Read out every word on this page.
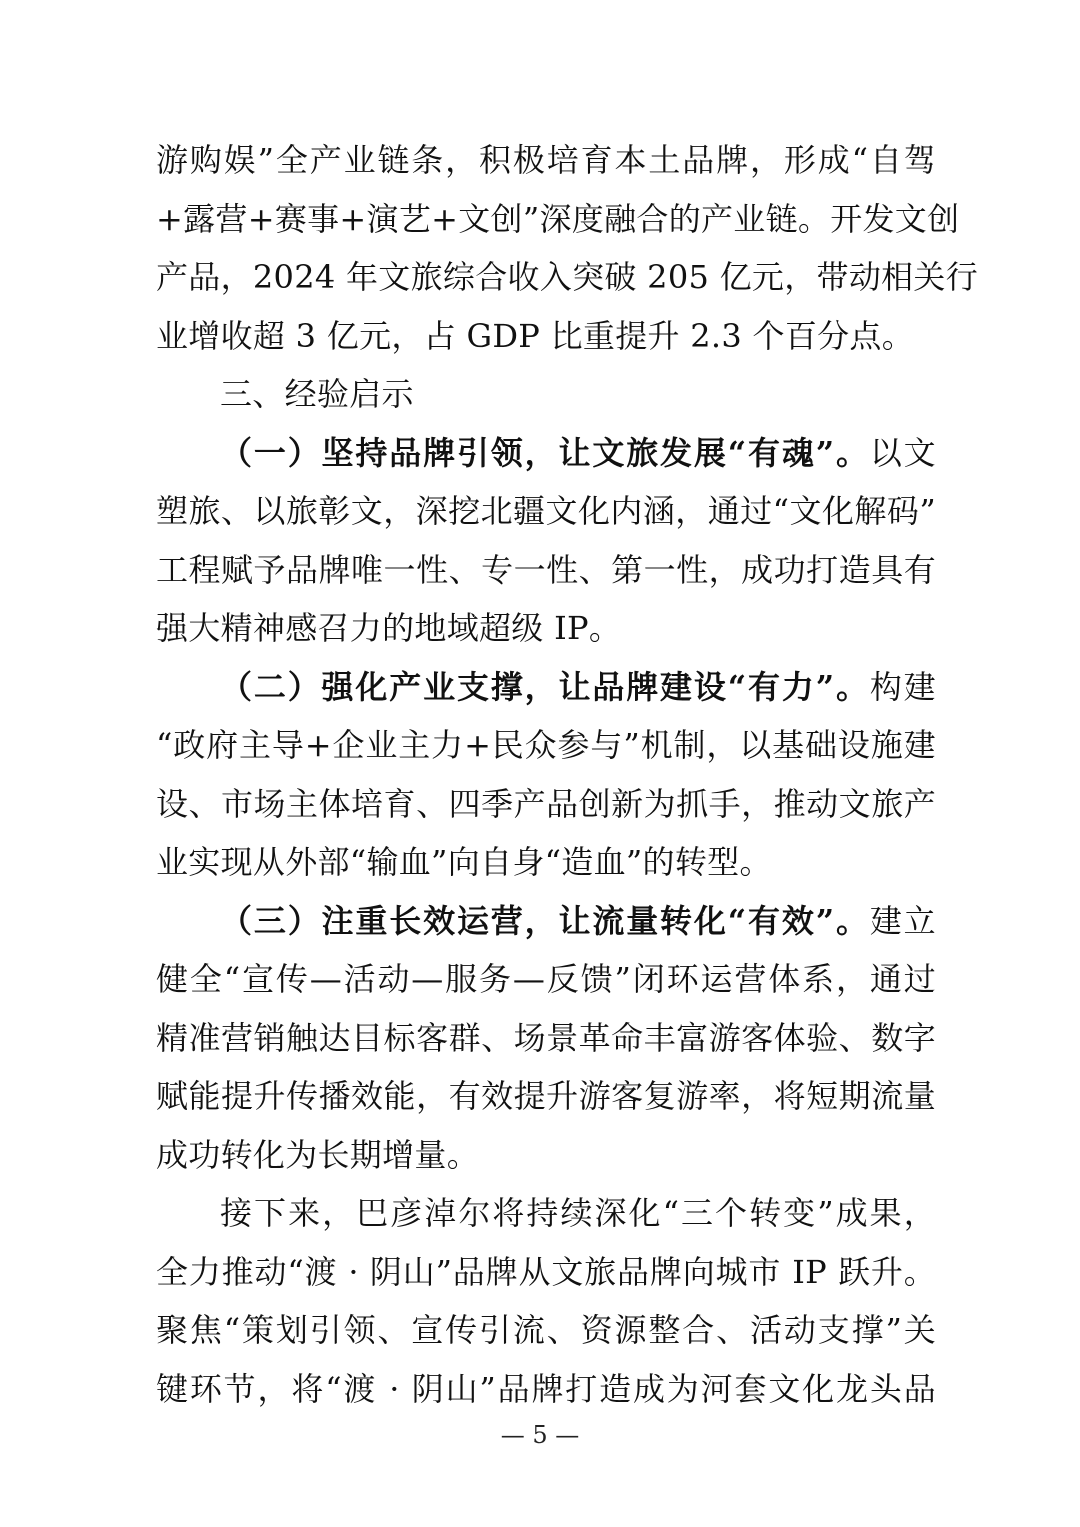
游购娱”全产业链条，积极培育本土品牌，形成“自驾
+露营+赛事+演艺+文创”深度融合的产业链。开发文创
产品，2024 年文旅综合收入突破 205 亿元，带动相关行
业增收超 3 亿元，占 GDP 比重提升 2.3 个百分点。
三、经验启示
（一）坚持品牌引领，让文旅发展“有魂”。以文
塑旅、以旅彰文，深挖北疆文化内涵，通过“文化解码”
工程赋予品牌唯一性、专一性、第一性，成功打造具有
强大精神感召力的地域超级 IP。
（二）强化产业支撑，让品牌建设“有力”。构建
“政府主导+企业主力+民众参与”机制，以基础设施建
设、市场主体培育、四季产品创新为抓手，推动文旅产
业实现从外部“输血”向自身“造血”的转型。
（三）注重长效运营，让流量转化“有效”。建立
健全“宣传—活动—服务—反馈”闭环运营体系，通过
精准营销触达目标客群、场景革命丰富游客体验、数字
赋能提升传播效能，有效提升游客复游率，将短期流量
成功转化为长期增量。
接下来，巴彦淖尔将持续深化“三个转变”成果，
全力推动“渡 · 阴山”品牌从文旅品牌向城市 IP 跃升。
聚焦“策划引领、宣传引流、资源整合、活动支撑”关
键环节，将“渡 · 阴山”品牌打造成为河套文化龙头品
— 5 —
